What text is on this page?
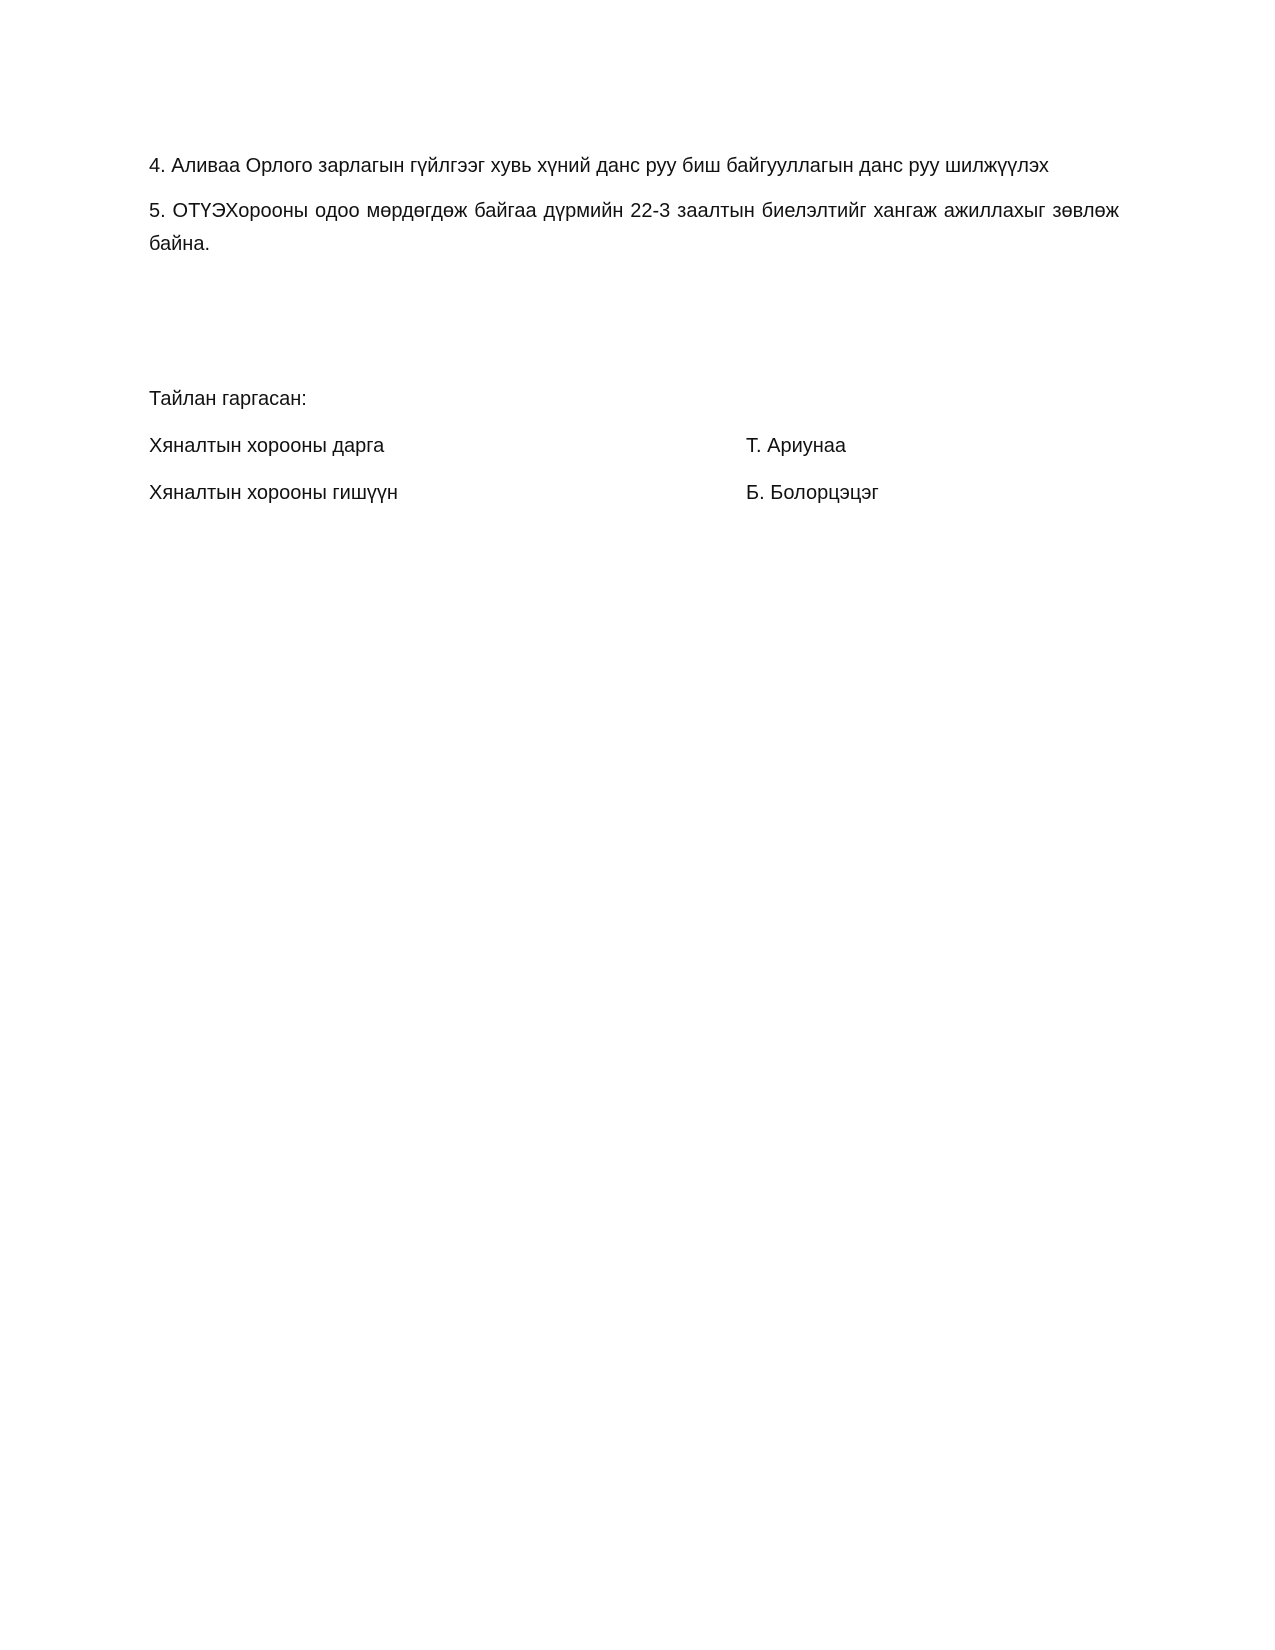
4. Аливаа Орлого зарлагын гүйлгээг хувь хүний данс руу биш байгууллагын данс руу шилжүүлэх

5. ОТҮЭХорооны одоо мөрдөгдөж байгаа дүрмийн 22-3 заалтын биелэлтийг хангаж ажиллахыг зөвлөж байна.

Тайлан гаргасан:
Хяналтын хорооны дарга	Т. Ариунаа
Хяналтын хорооны гишүүн	Б. Болорцэцэг
